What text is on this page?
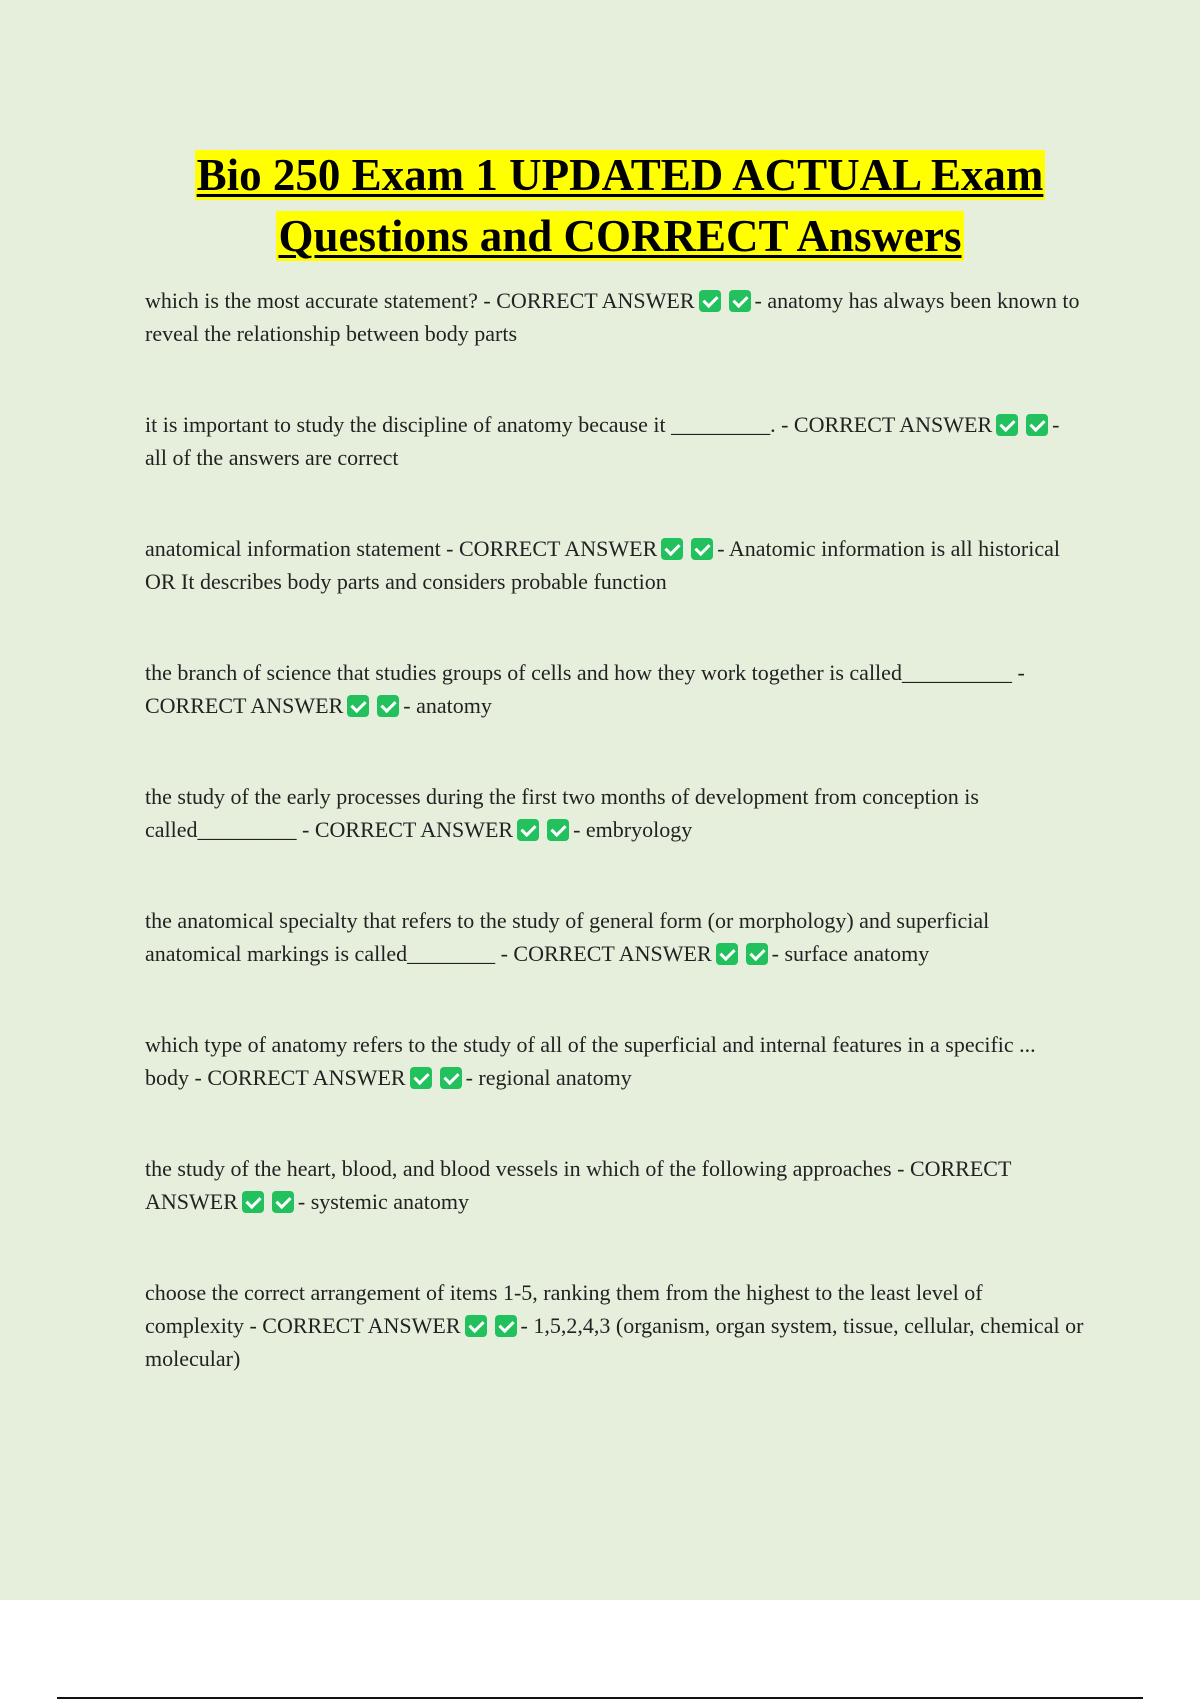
Bio 250 Exam 1 UPDATED ACTUAL Exam
Questions and CORRECT Answers

which is the most accurate statement? - CORRECT ANSWER	- anatomy has always been known to reveal the relationship between body parts

it is important to study the discipline of anatomy because it _________. - CORRECT ANSWER	- all of the answers are correct

anatomical information statement - CORRECT ANSWER	- Anatomic information is all historical OR It describes body parts and considers probable function

the branch of science that studies groups of cells and how they work together is called__________ - CORRECT ANSWER	- anatomy

the study of the early processes during the first two months of development from conception is called_________ - CORRECT ANSWER	- embryology

the anatomical specialty that refers to the study of general form (or morphology) and superficial anatomical markings is called________ - CORRECT ANSWER	- surface anatomy

which type of anatomy refers to the study of all of the superficial and internal features in a specific ... body - CORRECT ANSWER	- regional anatomy

the study of the heart, blood, and blood vessels in which of the following approaches - CORRECT ANSWER	- systemic anatomy

choose the correct arrangement of items 1-5, ranking them from the highest to the least level of complexity - CORRECT ANSWER	- 1,5,2,4,3 (organism, organ system, tissue, cellular, chemical or molecular)
